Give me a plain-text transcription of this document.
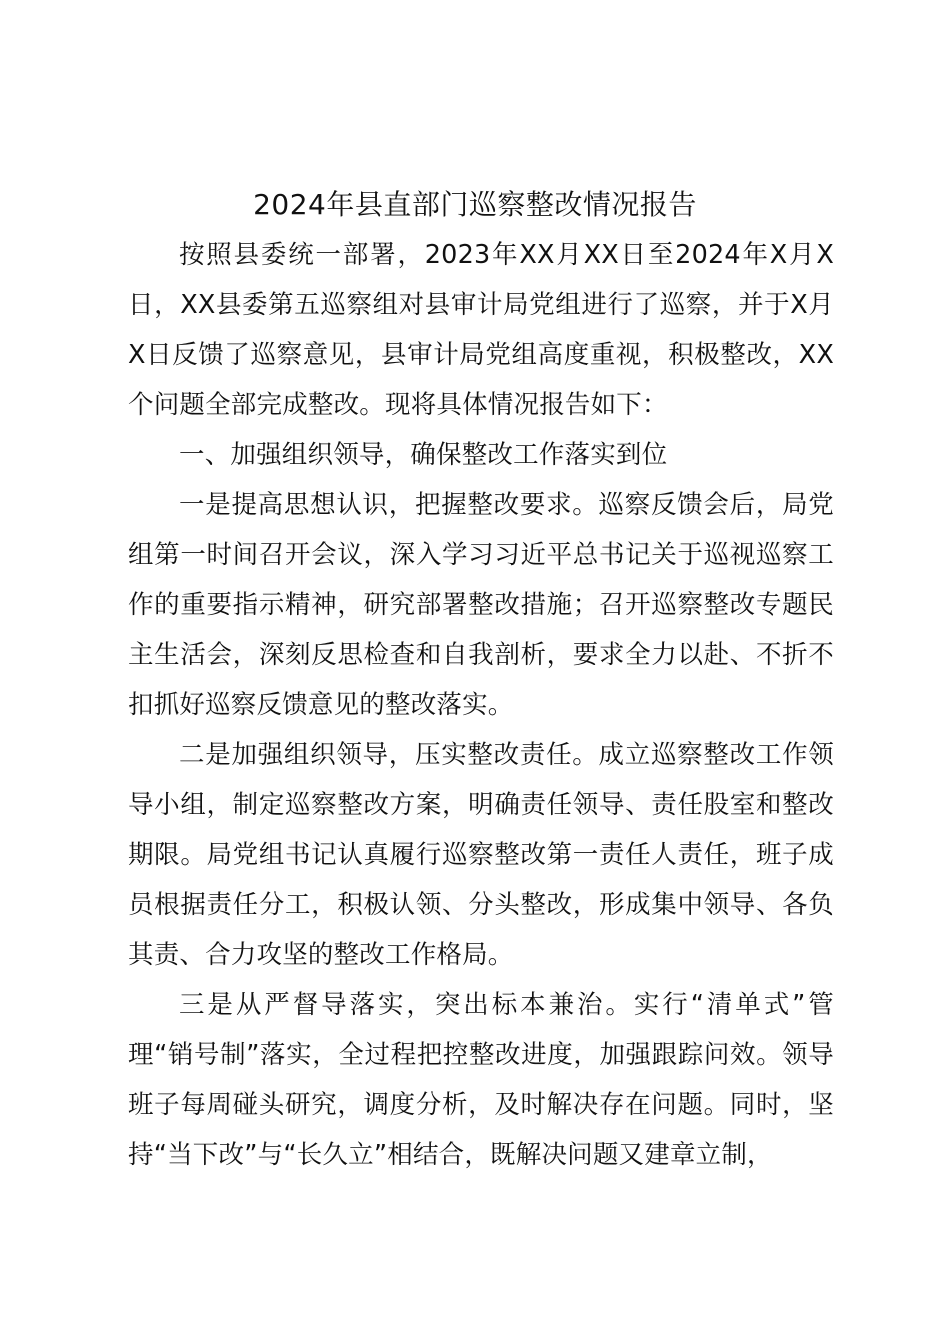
2024年县直部门巡察整改情况报告

按照县委统一部署，2023年XX月XX日至2024年X月X日，XX县委第五巡察组对县审计局党组进行了巡察，并于X月X日反馈了巡察意见，县审计局党组高度重视，积极整改，XX个问题全部完成整改。现将具体情况报告如下：

一、加强组织领导，确保整改工作落实到位

一是提高思想认识，把握整改要求。巡察反馈会后，局党组第一时间召开会议，深入学习习近平总书记关于巡视巡察工作的重要指示精神，研究部署整改措施；召开巡察整改专题民主生活会，深刻反思检查和自我剖析，要求全力以赴、不折不扣抓好巡察反馈意见的整改落实。

二是加强组织领导，压实整改责任。成立巡察整改工作领导小组，制定巡察整改方案，明确责任领导、责任股室和整改期限。局党组书记认真履行巡察整改第一责任人责任，班子成员根据责任分工，积极认领、分头整改，形成集中领导、各负其责、合力攻坚的整改工作格局。

三是从严督导落实，突出标本兼治。实行“清单式”管理“销号制”落实，全过程把控整改进度，加强跟踪问效。领导班子每周碰头研究，调度分析，及时解决存在问题。同时，坚持“当下改”与“长久立”相结合，既解决问题又建章立制，
